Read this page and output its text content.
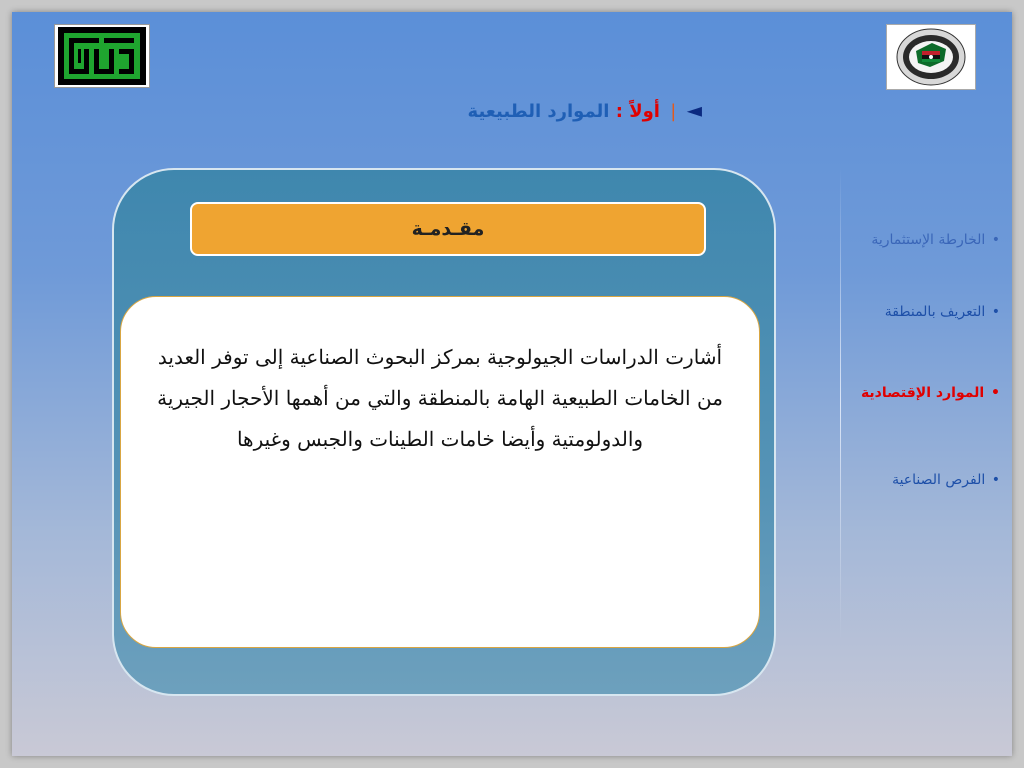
◄ | أولاً : الموارد الطبيعية
مقـدمـة
أشارت الدراسات الجيولوجية بمركز البحوث الصناعية إلى توفر العديد من الخامات الطبيعية الهامة بالمنطقة والتي من أهمها الأحجار الجيرية والدولومتية وأيضا خامات الطينات والجبس وغيرها
• الخارطة الإستثمارية
• التعريف بالمنطقة
• الموارد الإقتصادية
• الفرص الصناعية
